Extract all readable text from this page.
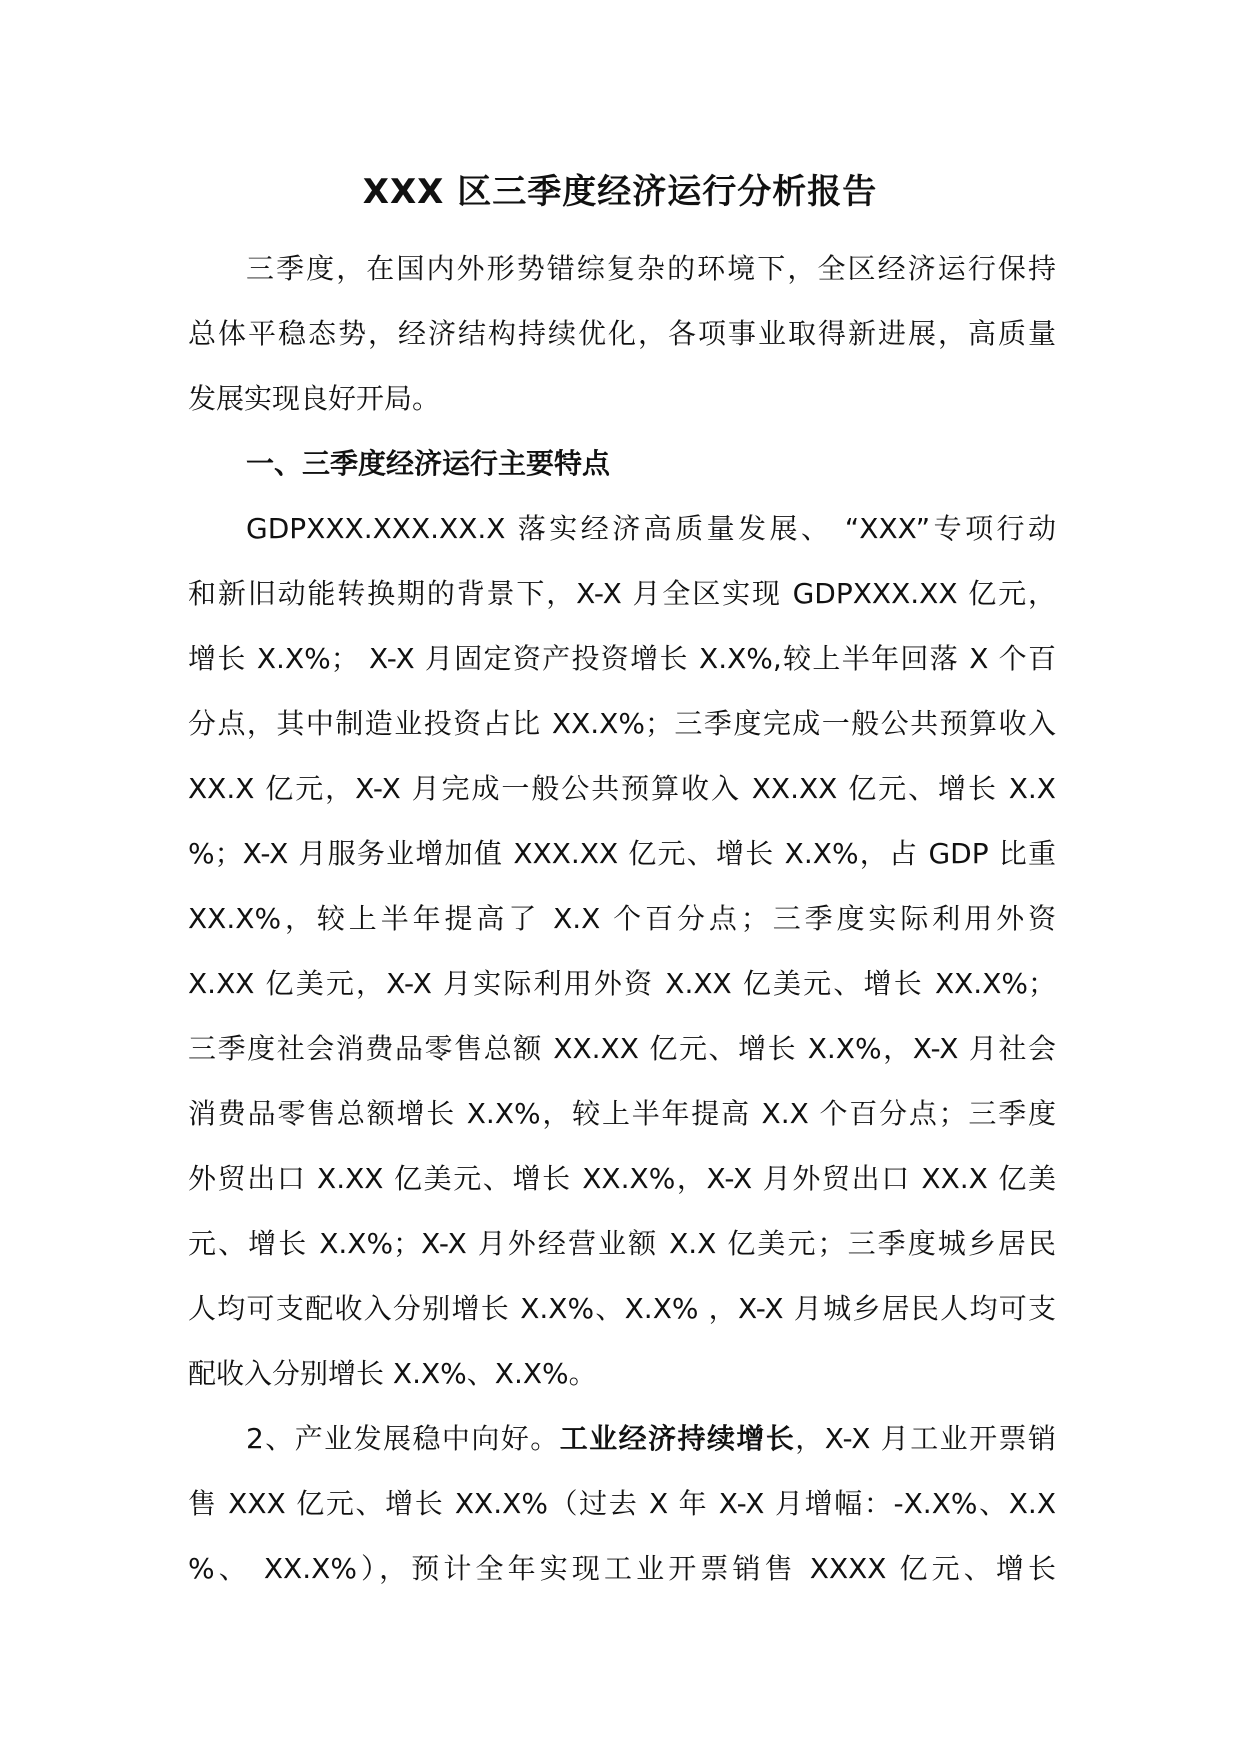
XXX 区三季度经济运行分析报告
三季度，在国内外形势错综复杂的环境下，全区经济运行保持
总体平稳态势，经济结构持续优化，各项事业取得新进展，高质量
发展实现良好开局。
一、三季度经济运行主要特点
GDPXXX.XXX.XX.X 落实经济高质量发展、 “XXX”专项行动
和新旧动能转换期的背景下，X-X 月全区实现 GDPXXX.XX 亿元，
增长 X.X%； X-X 月固定资产投资增长 X.X%,较上半年回落 X 个百
分点，其中制造业投资占比 XX.X%；三季度完成一般公共预算收入
XX.X 亿元，X-X 月完成一般公共预算收入 XX.XX 亿元、增长 X.X
%；X-X 月服务业增加值 XXX.XX 亿元、增长 X.X%，占 GDP 比重
XX.X%，较上半年提高了 X.X 个百分点；三季度实际利用外资
X.XX 亿美元，X-X 月实际利用外资 X.XX 亿美元、增长 XX.X%；
三季度社会消费品零售总额 XX.XX 亿元、增长 X.X%，X-X 月社会
消费品零售总额增长 X.X%，较上半年提高 X.X 个百分点；三季度
外贸出口 X.XX 亿美元、增长 XX.X%，X-X 月外贸出口 XX.X 亿美
元、增长 X.X%；X-X 月外经营业额 X.X 亿美元；三季度城乡居民
人均可支配收入分别增长 X.X%、X.X% ，X-X 月城乡居民人均可支
配收入分别增长 X.X%、X.X%。
2、产业发展稳中向好。工业经济持续增长，X-X 月工业开票销
售 XXX 亿元、增长 XX.X%（过去 X 年 X-X 月增幅：-X.X%、X.X
%、 XX.X%），预计全年实现工业开票销售 XXXX 亿元、增长
